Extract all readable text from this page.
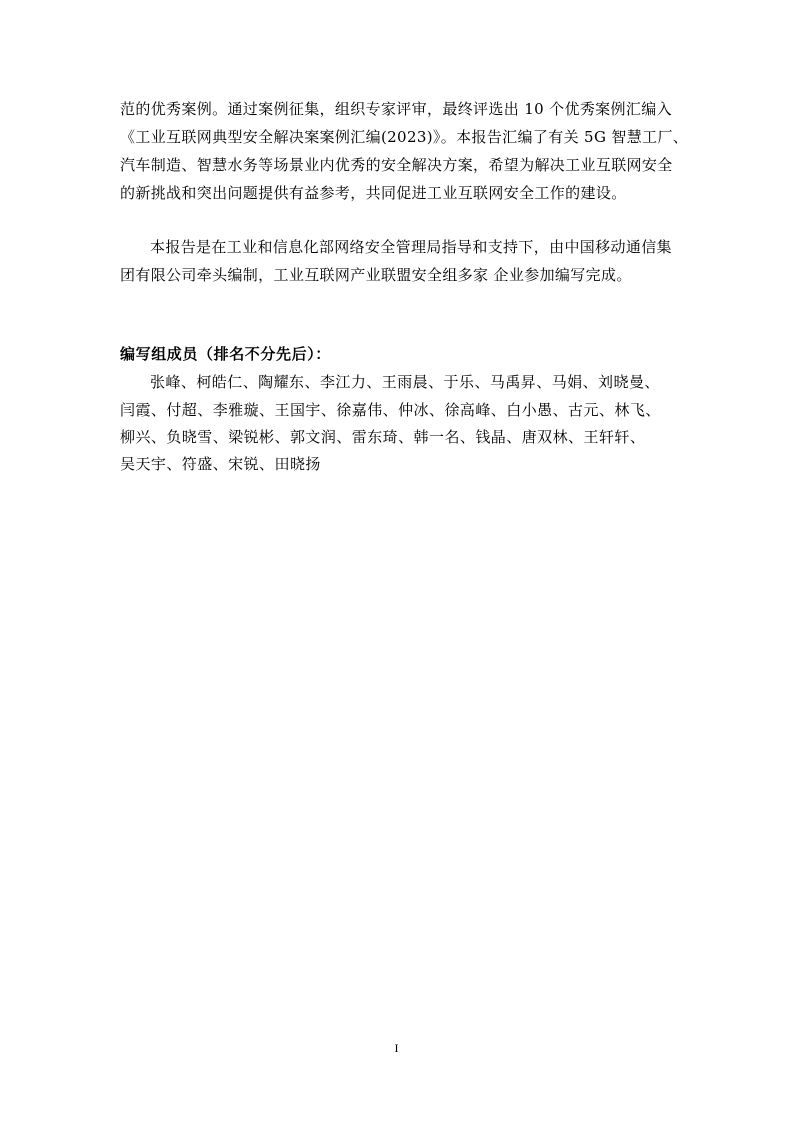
范的优秀案例。通过案例征集，组织专家评审，最终评选出 10 个优秀案例汇编入
《工业互联网典型安全解决案案例汇编(2023)》。本报告汇编了有关 5G 智慧工厂、
汽车制造、智慧水务等场景业内优秀的安全解决方案，希望为解决工业互联网安全
的新挑战和突出问题提供有益参考，共同促进工业互联网安全工作的建设。
本报告是在工业和信息化部网络安全管理局指导和支持下，由中国移动通信集
团有限公司牵头编制，工业互联网产业联盟安全组多家 企业参加编写完成。
编写组成员（排名不分先后）：
张峰、柯皓仁、陶耀东、李江力、王雨晨、于乐、马禹昇、马娟、刘晓曼、
闫霞、付超、李雅璇、王国宇、徐嘉伟、仲冰、徐高峰、白小愚、古元、林飞、
柳兴、负晓雪、梁锐彬、郭文润、雷东琦、韩一名、钱晶、唐双林、王轩轩、
吴天宇、符盛、宋锐、田晓扬
I
